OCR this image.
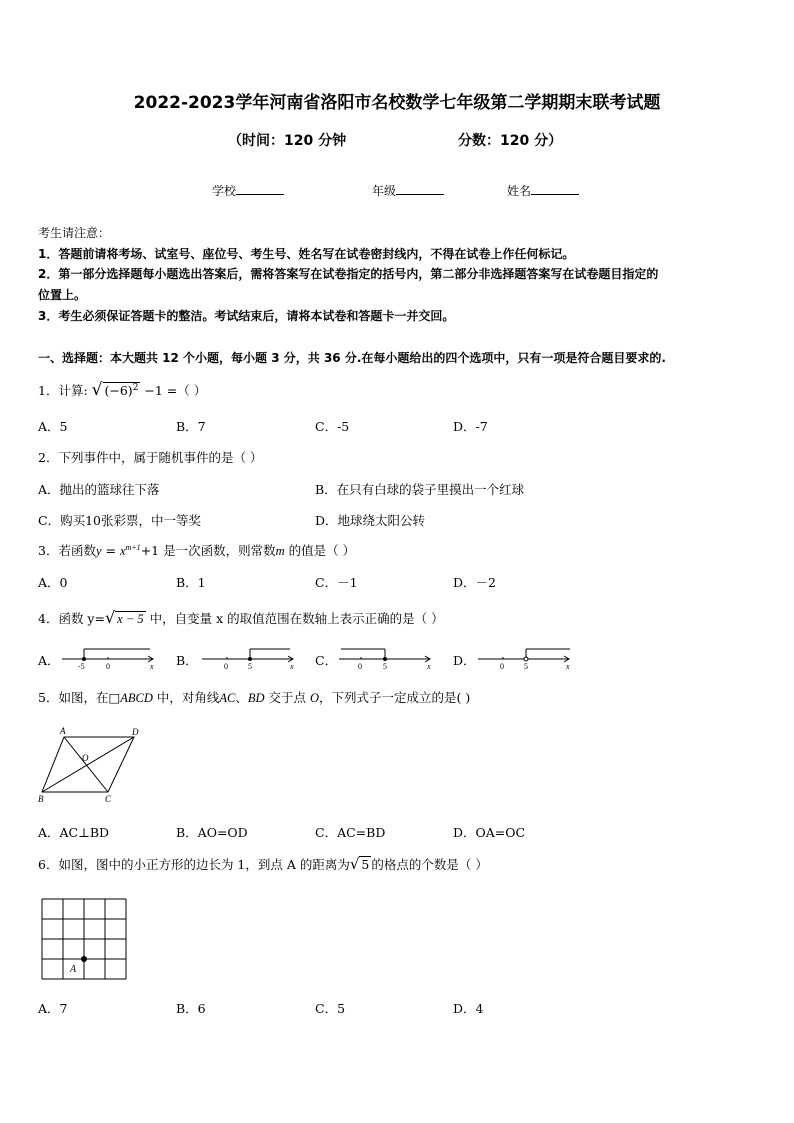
2022-2023学年河南省洛阳市名校数学七年级第二学期期末联考试题
（时间：120 分钟	分数：120 分）
学校	年级	姓名
考生请注意：
1．答题前请将考场、试室号、座位号、考生号、姓名写在试卷密封线内，不得在试卷上作任何标记。
2．第一部分选择题每小题选出答案后，需将答案写在试卷指定的括号内，第二部分非选择题答案写在试卷题目指定的
位置上。
3．考生必须保证答题卡的整洁。考试结束后，请将本试卷和答题卡一并交回。
一、选择题：本大题共 12 个小题，每小题 3 分，共 36 分.在每小题给出的四个选项中，只有一项是符合题目要求的.
1．计算: √ $(-6)^2 -1$ =（ ）
A．5	B．7	C．-5	D．-7
2．下列事件中，属于随机事件的是（ ）
A．抛出的篮球往下落	B．在只有白球的袋子里摸出一个红球
C．购买10张彩票，中一等奖	D．地球绕太阳公转
3．若函数$y = x^{m+1}+1$ 是一次函数，则常数m 的值是（ ）
A．0	B．1	C．－1	D．－2
4．函数 y=√ x − 5 中，自变量 x 的取值范围在数轴上表示正确的是（ ）
A． -5	0	x B．	0	5	x C．	0	5	x D．	0	5	x
5．如图，在□ABCD 中，对角线AC、BD 交于点 O，下列式子一定成立的是( )
A	D
O
B	C
A．AC⊥BD	B．AO=OD	C．AC=BD	D．OA=OC
6．如图，图中的小正方形的边长为 1，到点 A 的距离为√ 5 的格点的个数是（ ）
A
A．7	B．6	C．5	D．4
